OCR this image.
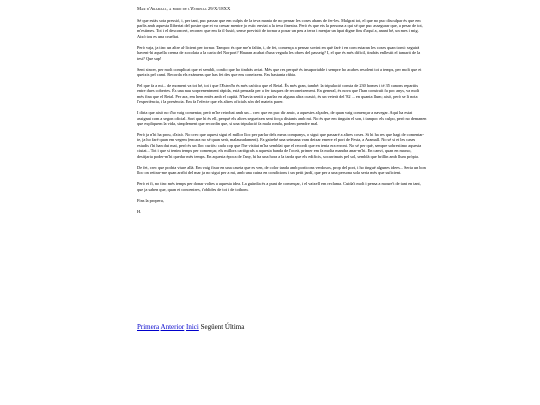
Mar d'Aramall, a bord de l'Estrella 29/X/18XX

Sé que estàs sota pressió, i, per tant, puc passar que em culpis de la teva mania de no pensar les coses abans de fer-les. Malgrat tot, el que no puc disculpar és que em parlis amb aquesta llibertat del postre que et va creuar mentre jo estic enviat a la teva finestra. Però és que ets la persona a qui sé que puc assegurar que, a pesar de tot, m'estimes. Tot i el desconcert, reconec que em fa il·lusió, sense previsió de tornar a posar un peu a terra i menjar un àpat digne fins d'aquí a, anant bé, un mes i mig. Això tou es una crueltat.

Però vaja, ja tinc un altre al·licient per tornar. Tampoc és que me'n faltin, i, de fet, comença a pensar sovint en què farè i en com estaran les coses quan torni: seguirà havent-hi aquella crema de xocolata a la carta del Norport? Hauran acabat d'una vegada les obres del passeig? I, el que és més difícil, tindràs enllestit el tamarit de la tesi? Que sap!

Sent sincer, per molt complicat que et sembli, confio que ho tindràs aviat. Més que res perquè és insuportable i sempre ho acabes resolent tot a temps, per molt que et queixis pel camí. Recorda els exàmens que has fet des que ens coneixem. Fas bastanta ràbia.

Pel que fa a mi... de moment va tot bé, tot i que l'Estrella és més caòtica que el Reial. És més gran, també: la tripulació consta de 230 homes i té 35 canons repartits entre dues cobertes. És una nau sorprenentment ràpida, està pensada per a fer tasques de reconeixement. En general, és nova que l'han construït fa poc anys, va molt més fina que el Reial. Per ara, em hem entès amb el capità. N'havia sentit a parlar en alguna altra ocasió, és un veterà del '82 ... en quanta llum; això, però se li nota l'experiència, i la presència. Em fa l'efecte que els altres oficials són del mateix parer.

I diria que això no t'ho vaig comentar, però m'he retrobat amb un... crec que en puc dir amic, a aquestes alçades, de quan vaig començar a navegar. Aquí ha estat assignat com a segon oficial. Sort que hi és ell, perquè els altres segueixen sent força distants amb mi. No és que em tinguin el son, i tampoc els culpo, però no demanen que expliquem la vida, simplement que recordin que, si una tripulació fa mala ronda, podem prendre mal.

Però ja n'hi ha prou, d'això. No crec que aquest sigui el millor lloc per parlar dels meus companys, o sigui que passaré a altres coses. Si hi ha res que hagi de comentar-te, ja ho faré quan em vegem (encara no sé quan serà, malauradament). Fa gairebé una setmana vam deixar enrere el port de Festa, a Aramall. No sé si et les cases estudis t'hi han dut mai, però és un lloc curiós: cada cop que l'he visitat m'ha semblat que el recordi que en tenia era erroni. No sé per què, sempre sobrestimo aquesta ciutat... Tot i que si tenim temps per començar, els millors cartògrafs a aquesta banda de l'oceà, primer em fa molta mandra anar-m'hi. En canvi, quan en marxo, desitjaria poder-m'hi quedar més temps. En aquesta època de l'any, hi ha una hora a la tarda que els edificis, socarrimats pel sol, semblà que brillin amb llum pròpia.

De fet, crec que podria viure allà. Em vaig fixar en una caseta que es ven, de color tanda amb porticons verdosos, prop del port, i ho tingué algunes idees... Seria un bon lloc on retirar-me quan arribi del mar ja no sigui per a mi, amb una cuina en condicions i un petit jardí, que per a una persona sola seria més que suficient.

Però et fi, no tinc més temps per donar voltes a aquesta idea. La guàrdia és a punt de començar, i el vaixell em reclama. Cuida't molt i pensa a moure't de tant en tant, que ja saben que, quan et concentres, t'oblides de tot i de tothom.

Fins la propera,

H.

Primera Anterior Inici Següent Última
